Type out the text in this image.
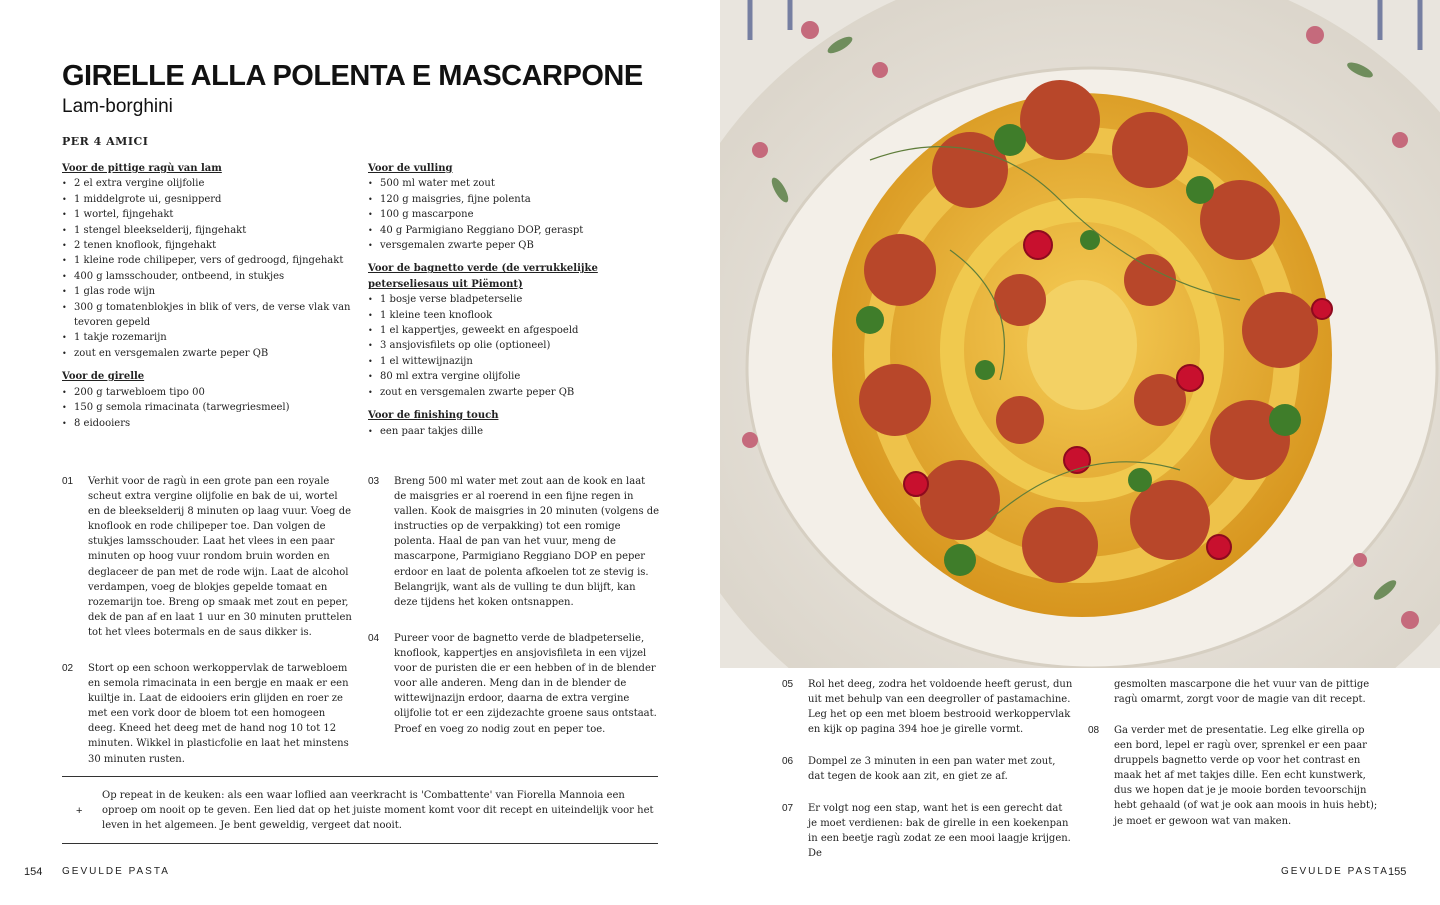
GIRELLE ALLA POLENTA E MASCARPONE
Lam-borghini
PER 4 AMICI
Voor de pittige ragù van lam
• 2 el extra vergine olijfolie
• 1 middelgrote ui, gesnipperd
• 1 wortel, fijngehakt
• 1 stengel bleekselderij, fijngehakt
• 2 tenen knoflook, fijngehakt
• 1 kleine rode chilipeper, vers of gedroogd, fijngehakt
• 400 g lamsschouder, ontbeend, in stukjes
• 1 glas rode wijn
• 300 g tomatenblokjes in blik of vers, de verse vlak van tevoren gepeld
• 1 takje rozemarijn
• zout en versgemalen zwarte peper QB
Voor de girelle
• 200 g tarwebloem tipo 00
• 150 g semola rimacinata (tarwegriesmeel)
• 8 eidooiers
Voor de vulling
• 500 ml water met zout
• 120 g maisgries, fijne polenta
• 100 g mascarpone
• 40 g Parmigiano Reggiano DOP, geraspt
• versgemalen zwarte peper QB
Voor de bagnetto verde (de verrukkelijke peterseliesaus uit Piëmont)
• 1 bosje verse bladpeterselie
• 1 kleine teen knoflook
• 1 el kappertjes, geweekt en afgespoeld
• 3 ansjovisfilets op olie (optioneel)
• 1 el wittewijnazijn
• 80 ml extra vergine olijfolie
• zout en versgemalen zwarte peper QB
Voor de finishing touch
• een paar takjes dille
01 Verhit voor de ragù in een grote pan een royale scheut extra vergine olijfolie en bak de ui, wortel en de bleekselderij 8 minuten op laag vuur. Voeg de knoflook en rode chilipeper toe. Dan volgen de stukjes lamsschouder. Laat het vlees in een paar minuten op hoog vuur rondom bruin worden en deglaceer de pan met de rode wijn. Laat de alcohol verdampen, voeg de blokjes gepelde tomaat en rozemarijn toe. Breng op smaak met zout en peper, dek de pan af en laat 1 uur en 30 minuten pruttelen tot het vlees botermals en de saus dikker is.
02 Stort op een schoon werkoppervlak de tarwebloem en semola rimacinata in een bergje en maak er een kuiltje in. Laat de eidooiers erin glijden en roer ze met een vork door de bloem tot een homogeen deeg. Kneed het deeg met de hand nog 10 tot 12 minuten. Wikkel in plasticfolie en laat het minstens 30 minuten rusten.
03 Breng 500 ml water met zout aan de kook en laat de maisgries er al roerend in een fijne regen in vallen. Kook de maisgries in 20 minuten (volgens de instructies op de verpakking) tot een romige polenta. Haal de pan van het vuur, meng de mascarpone, Parmigiano Reggiano DOP en peper erdoor en laat de polenta afkoelen tot ze stevig is. Belangrijk, want als de vulling te dun blijft, kan deze tijdens het koken ontsnappen.
04 Pureer voor de bagnetto verde de bladpeterselie, knoflook, kappertjes en ansjovisfileta in een vijzel voor de puristen die er een hebben of in de blender voor alle anderen. Meng dan in de blender de wittewijnazijn erdoor, daarna de extra vergine olijfolie tot er een zijdezachte groene saus ontstaat. Proef en voeg zo nodig zout en peper toe.
+
Op repeat in de keuken: als een waar loflied aan veerkracht is 'Combattente' van Fiorella Mannoia een oproep om nooit op te geven. Een lied dat op het juiste moment komt voor dit recept en uiteindelijk voor het leven in het algemeen. Je bent geweldig, vergeet dat nooit.
154 GEVULDE PASTA
05 Rol het deeg, zodra het voldoende heeft gerust, dun uit met behulp van een deegroller of pastamachine. Leg het op een met bloem bestrooid werkoppervlak en kijk op pagina 394 hoe je girelle vormt.
06 Dompel ze 3 minuten in een pan water met zout, dat tegen de kook aan zit, en giet ze af.
07 Er volgt nog een stap, want het is een gerecht dat je moet verdienen: bak de girelle in een koekenpan in een beetje ragù zodat ze een mooi laagje krijgen. De
gesmolten mascarpone die het vuur van de pittige ragù omarmt, zorgt voor de magie van dit recept.
08 Ga verder met de presentatie. Leg elke girella op een bord, lepel er ragù over, sprenkel er een paar druppels bagnetto verde op voor het contrast en maak het af met takjes dille. Een echt kunstwerk, dus we hopen dat je je mooie borden tevoorschijn hebt gehaald (of wat je ook aan moois in huis hebt); je moet er gewoon wat van maken.
GEVULDE PASTA 155
